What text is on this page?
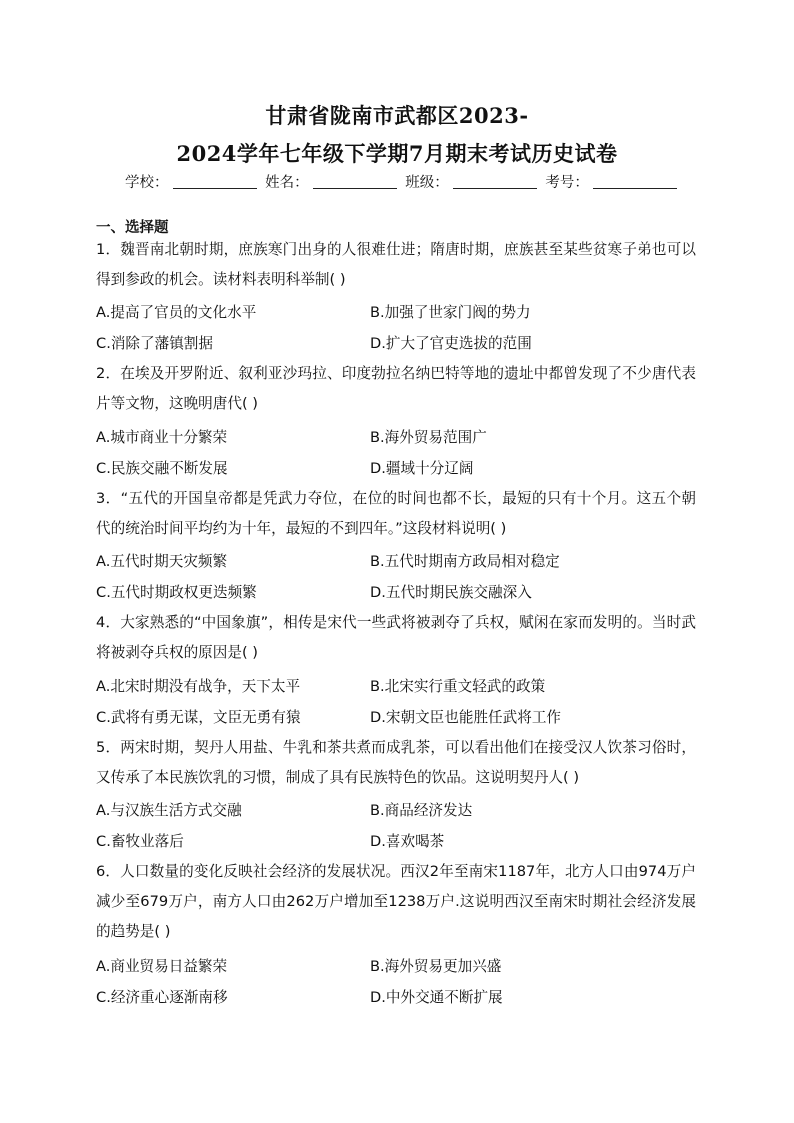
甘肃省陇南市武都区2023-
2024学年七年级下学期7月期末考试历史试卷
学校：	姓名：	班级：	考号：
一、选择题
1．魏晋南北朝时期，庶族寒门出身的人很难仕进；隋唐时期，庶族甚至某些贫寒子弟也可以得到参政的机会。读材料表明科举制( )
A.提高了官员的文化水平	B.加强了世家门阀的势力
C.消除了藩镇割据	D.扩大了官吏选拔的范围
2．在埃及开罗附近、叙利亚沙玛拉、印度勃拉名纳巴特等地的遗址中都曾发现了不少唐代表片等文物，这晚明唐代( )
A.城市商业十分繁荣	B.海外贸易范围广
C.民族交融不断发展	D.疆域十分辽阔
3．“五代的开国皇帝都是凭武力夺位，在位的时间也都不长，最短的只有十个月。这五个朝代的统治时间平均约为十年，最短的不到四年。”这段材料说明( )
A.五代时期天灾频繁	B.五代时期南方政局相对稳定
C.五代时期政权更迭频繁	D.五代时期民族交融深入
4．大家熟悉的“中国象旗”，相传是宋代一些武将被剥夺了兵权，赋闲在家而发明的。当时武将被剥夺兵权的原因是( )
A.北宋时期没有战争，天下太平	B.北宋实行重文轻武的政策
C.武将有勇无谋，文臣无勇有猿	D.宋朝文臣也能胜任武将工作
5．两宋时期，契丹人用盐、牛乳和茶共煮而成乳茶，可以看出他们在接受汉人饮茶习俗时，又传承了本民族饮乳的习惯，制成了具有民族特色的饮品。这说明契丹人( )
A.与汉族生活方式交融	B.商品经济发达
C.畜牧业落后	D.喜欢喝茶
6．人口数量的变化反映社会经济的发展状况。西汉2年至南宋1187年，北方人口由974万户减少至679万户，南方人口由262万户增加至1238万户.这说明西汉至南宋时期社会经济发展的趋势是( )
A.商业贸易日益繁荣	B.海外贸易更加兴盛
C.经济重心逐渐南移	D.中外交通不断扩展
